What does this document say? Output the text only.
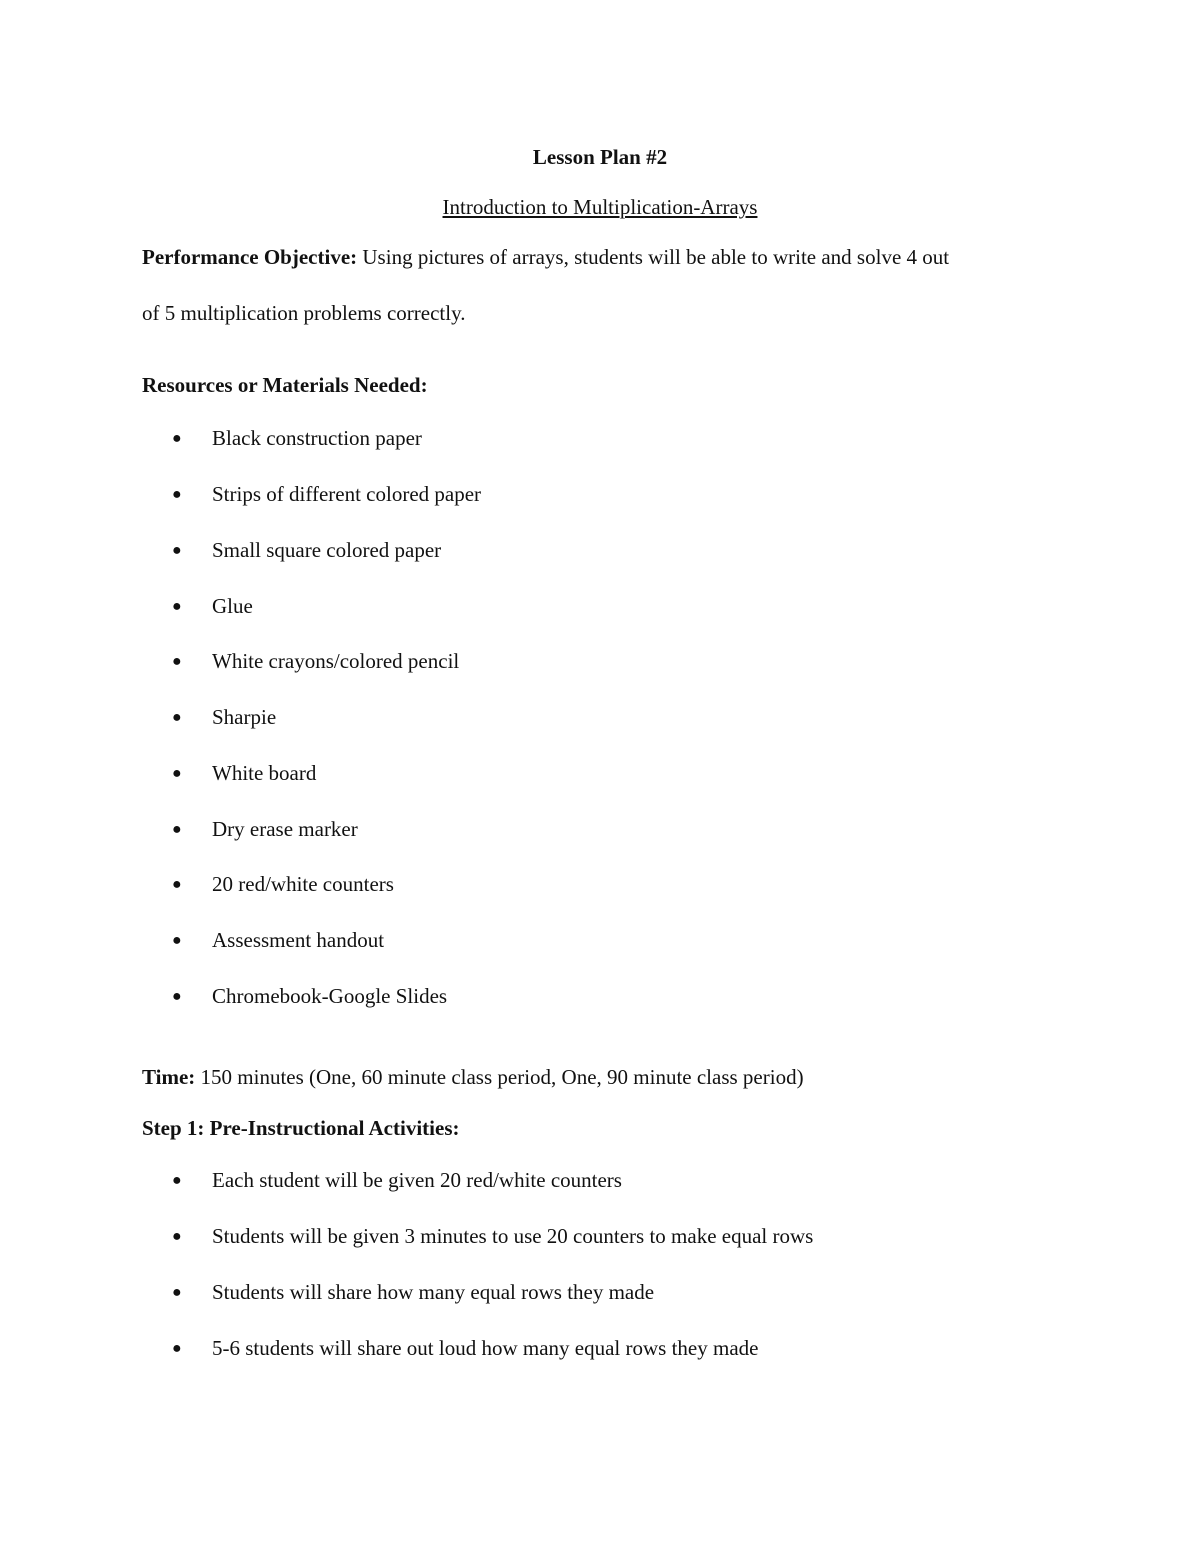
Lesson Plan #2
Introduction to Multiplication-Arrays
Performance Objective: Using pictures of arrays, students will be able to write and solve 4 out
of 5 multiplication problems correctly.
Resources or Materials Needed:
● Black construction paper
● Strips of different colored paper
● Small square colored paper
● Glue
● White crayons/colored pencil
● Sharpie
● White board
● Dry erase marker
● 20 red/white counters
● Assessment handout
● Chromebook-Google Slides
Time: 150 minutes (One, 60 minute class period, One, 90 minute class period)
Step 1: Pre-Instructional Activities:
● Each student will be given 20 red/white counters
● Students will be given 3 minutes to use 20 counters to make equal rows
● Students will share how many equal rows they made
● 5-6 students will share out loud how many equal rows they made
